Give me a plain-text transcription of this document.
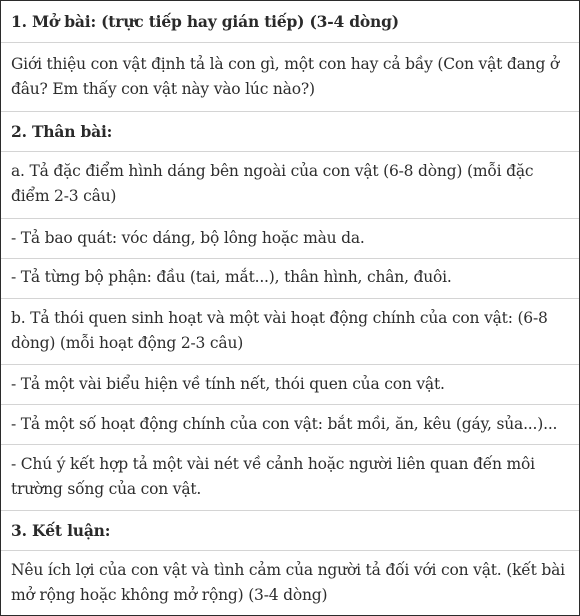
1. Mở bài: (trực tiếp hay gián tiếp) (3-4 dòng)
Giới thiệu con vật định tả là con gì, một con hay cả bầy (Con vật đang ở đâu? Em thấy con vật này vào lúc nào?)
2. Thân bài:
a. Tả đặc điểm hình dáng bên ngoài của con vật (6-8 dòng) (mỗi đặc điểm 2-3 câu)
- Tả bao quát: vóc dáng, bộ lông hoặc màu da.
- Tả từng bộ phận: đầu (tai, mắt...), thân hình, chân, đuôi.
b. Tả thói quen sinh hoạt và một vài hoạt động chính của con vật: (6-8 dòng) (mỗi hoạt động 2-3 câu)
- Tả một vài biểu hiện về tính nết, thói quen của con vật.
- Tả một số hoạt động chính của con vật: bắt mồi, ăn, kêu (gáy, sủa...)...
- Chú ý kết hợp tả một vài nét về cảnh hoặc người liên quan đến môi trường sống của con vật.
3. Kết luận:
Nêu ích lợi của con vật và tình cảm của người tả đối với con vật. (kết bài mở rộng hoặc không mở rộng) (3-4 dòng)
